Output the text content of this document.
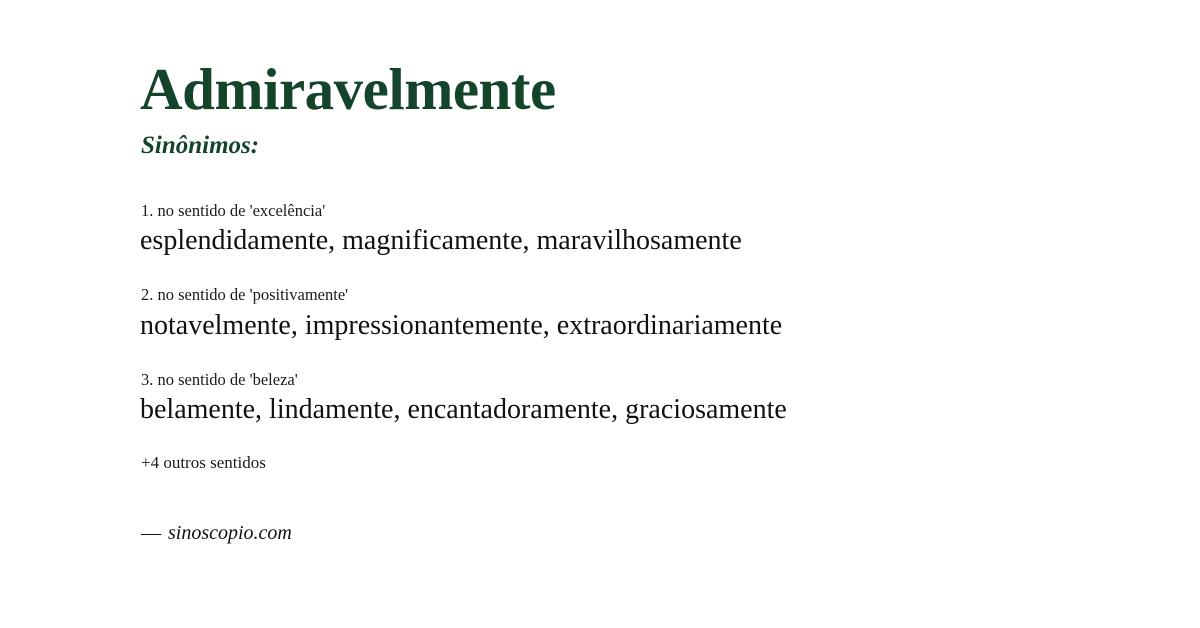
Admiravelmente
Sinônimos:
1. no sentido de 'excelência'
esplendidamente, magnificamente, maravilhosamente
2. no sentido de 'positivamente'
notavelmente, impressionantemente, extraordinariamente
3. no sentido de 'beleza'
belamente, lindamente, encantadoramente, graciosamente
+4 outros sentidos
— sinoscopio.com
